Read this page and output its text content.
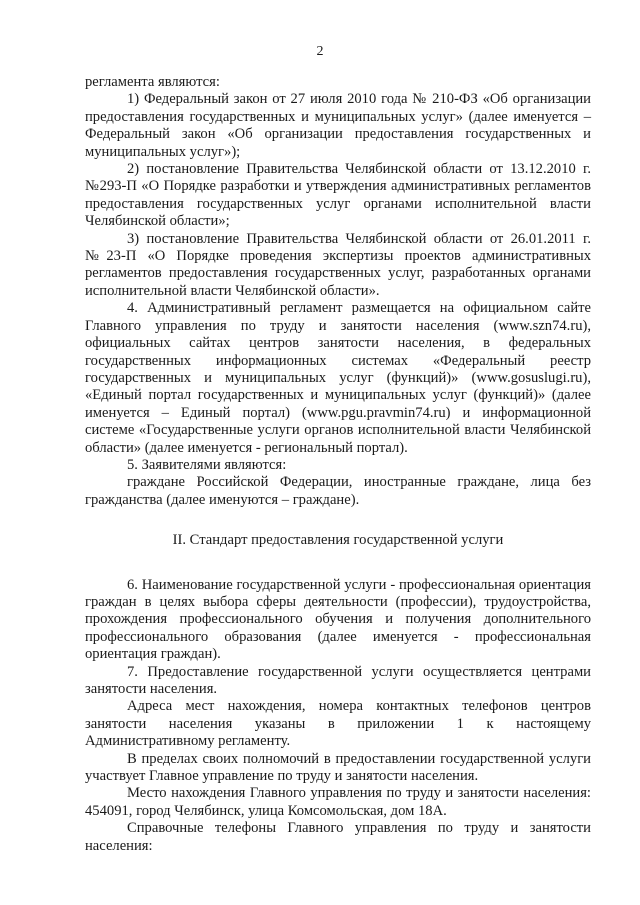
2

регламента являются:

1) Федеральный закон от 27 июля 2010 года № 210-ФЗ «Об организации предоставления государственных и муниципальных услуг» (далее именуется – Федеральный закон «Об организации предоставления государственных и муниципальных услуг»);

2) постановление Правительства Челябинской области от 13.12.2010 г. №293-П «О Порядке разработки и утверждения административных регламентов предоставления государственных услуг органами исполнительной власти Челябинской области»;

3) постановление Правительства Челябинской области от 26.01.2011 г. №23-П «О Порядке проведения экспертизы проектов административных регламентов предоставления государственных услуг, разработанных органами исполнительной власти Челябинской области».

4. Административный регламент размещается на официальном сайте Главного управления по труду и занятости населения (www.szn74.ru), официальных сайтах центров занятости населения, в федеральных государственных информационных системах «Федеральный реестр государственных и муниципальных услуг (функций)» (www.gosuslugi.ru), «Единый портал государственных и муниципальных услуг (функций)» (далее именуется – Единый портал) (www.pgu.pravmin74.ru) и информационной системе «Государственные услуги органов исполнительной власти Челябинской области» (далее именуется - региональный портал).

5. Заявителями являются:

граждане Российской Федерации, иностранные граждане, лица без гражданства (далее именуются – граждане).

II. Стандарт предоставления государственной услуги

6. Наименование государственной услуги - профессиональная ориентация граждан в целях выбора сферы деятельности (профессии), трудоустройства, прохождения профессионального обучения и получения дополнительного профессионального образования (далее именуется - профессиональная ориентация граждан).

7. Предоставление государственной услуги осуществляется центрами занятости населения.

Адреса мест нахождения, номера контактных телефонов центров занятости населения указаны в приложении 1 к настоящему Административному регламенту.

В пределах своих полномочий в предоставлении государственной услуги участвует Главное управление по труду и занятости населения.

Место нахождения Главного управления по труду и занятости населения: 454091, город Челябинск, улица Комсомольская, дом 18А.

Справочные телефоны Главного управления по труду и занятости населения:
